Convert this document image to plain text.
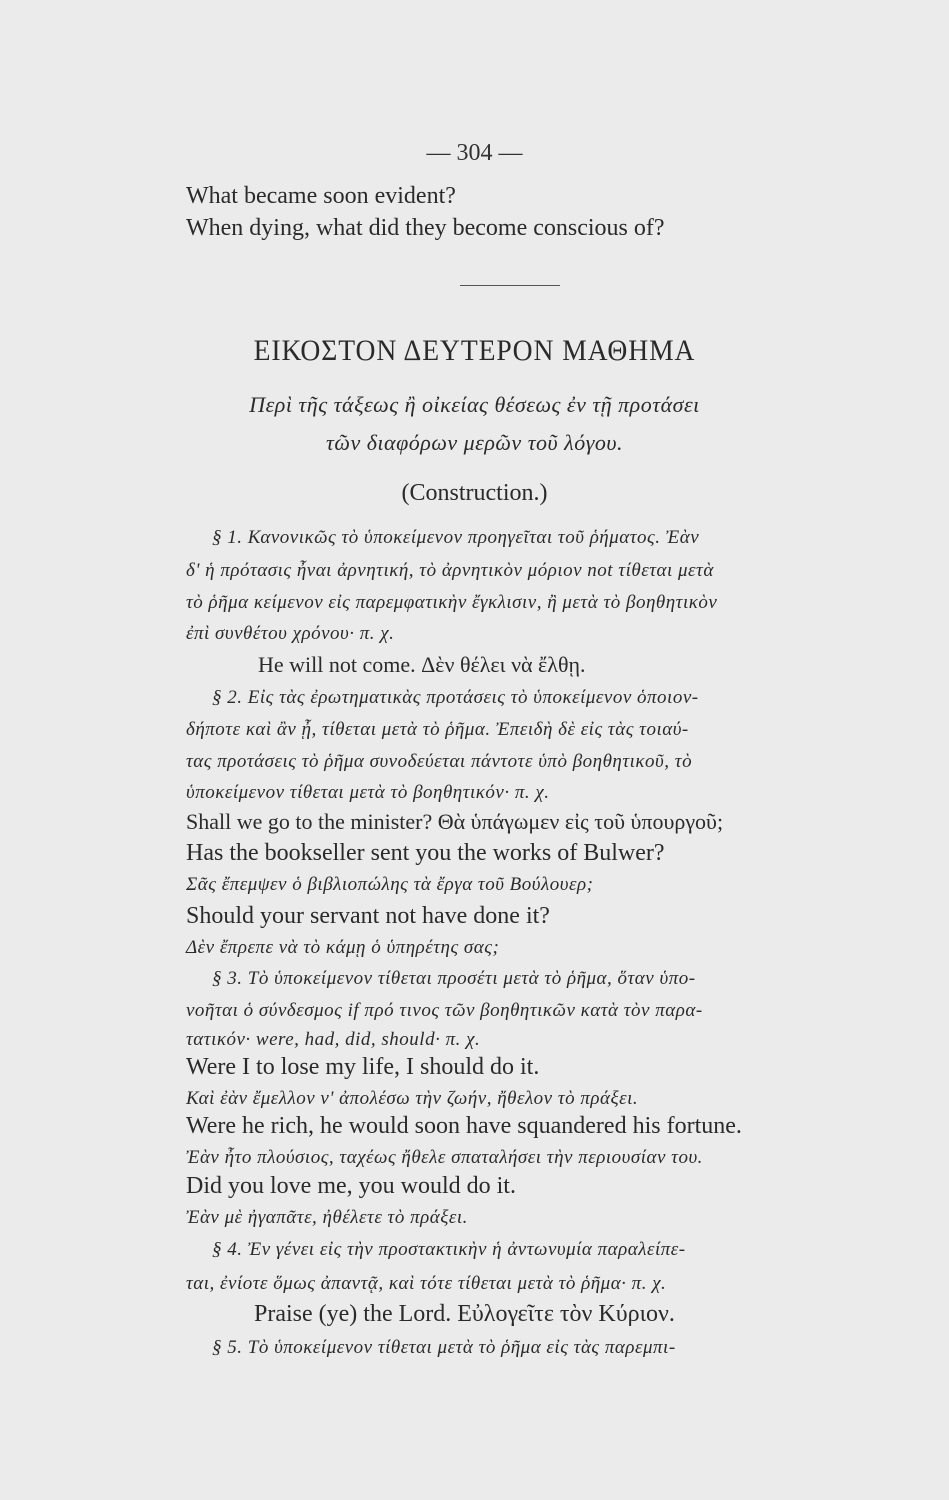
— 304 —
What became soon evident?
When dying, what did they become conscious of?
ΕΙΚΟΣΤΟΝ ΔΕΥΤΕΡΟΝ ΜΑΘΗΜΑ
Περὶ τῆς τάξεως ἢ οἰκείας θέσεως ἐν τῇ προτάσει
τῶν διαφόρων μερῶν τοῦ λόγου.
(Construction.)
§ 1. Κανονικῶς τὸ ὑποκείμενον προηγεῖται τοῦ ῥήματος. Ἐὰν
δ' ἡ πρότασις ἦναι ἀρνητική, τὸ ἀρνητικὸν μόριον not τίθεται μετὰ
τὸ ῥῆμα κείμενον εἰς παρεμφατικὴν ἔγκλισιν, ἢ μετὰ τὸ βοηθητικὸν
ἐπὶ συνθέτου χρόνου· π. χ.
He will not come. Δὲν θέλει νὰ ἔλθῃ.
§ 2. Εἰς τὰς ἐρωτηματικὰς προτάσεις τὸ ὑποκείμενον ὁποιον-
δήποτε καὶ ἂν ᾖ, τίθεται μετὰ τὸ ῥῆμα. Ἐπειδὴ δὲ εἰς τὰς τοιαύ-
τας προτάσεις τὸ ῥῆμα συνοδεύεται πάντοτε ὑπὸ βοηθητικοῦ, τὸ
ὑποκείμενον τίθεται μετὰ τὸ βοηθητικόν· π. χ.
Shall we go to the minister? Θὰ ὑπάγωμεν εἰς τοῦ ὑπουργοῦ;
Has the bookseller sent you the works of Bulwer?
Σᾶς ἔπεμψεν ὁ βιβλιοπώλης τὰ ἔργα τοῦ Βούλουερ;
Should your servant not have done it?
Δὲν ἔπρεπε νὰ τὸ κάμῃ ὁ ὑπηρέτης σας;
§ 3. Τὸ ὑποκείμενον τίθεται προσέτι μετὰ τὸ ῥῆμα, ὅταν ὑπο-
νοῆται ὁ σύνδεσμος if πρό τινος τῶν βοηθητικῶν κατὰ τὸν παρα-
τατικόν· were, had, did, should· π. χ.
Were I to lose my life, I should do it.
Καὶ ἐὰν ἔμελλον ν' ἀπολέσω τὴν ζωήν, ἤθελον τὸ πράξει.
Were he rich, he would soon have squandered his fortune.
Ἐὰν ἦτο πλούσιος, ταχέως ἤθελε σπαταλήσει τὴν περιουσίαν του.
Did you love me, you would do it.
Ἐὰν μὲ ἠγαπᾶτε, ἠθέλετε τὸ πράξει.
§ 4. Ἐν γένει εἰς τὴν προστακτικὴν ἡ ἀντωνυμία παραλείπε-
ται, ἐνίοτε ὅμως ἀπαντᾷ, καὶ τότε τίθεται μετὰ τὸ ῥῆμα· π. χ.
Praise (ye) the Lord. Εὐλογεῖτε τὸν Κύριον.
§ 5. Τὸ ὑποκείμενον τίθεται μετὰ τὸ ῥῆμα εἰς τὰς παρεμπι-
